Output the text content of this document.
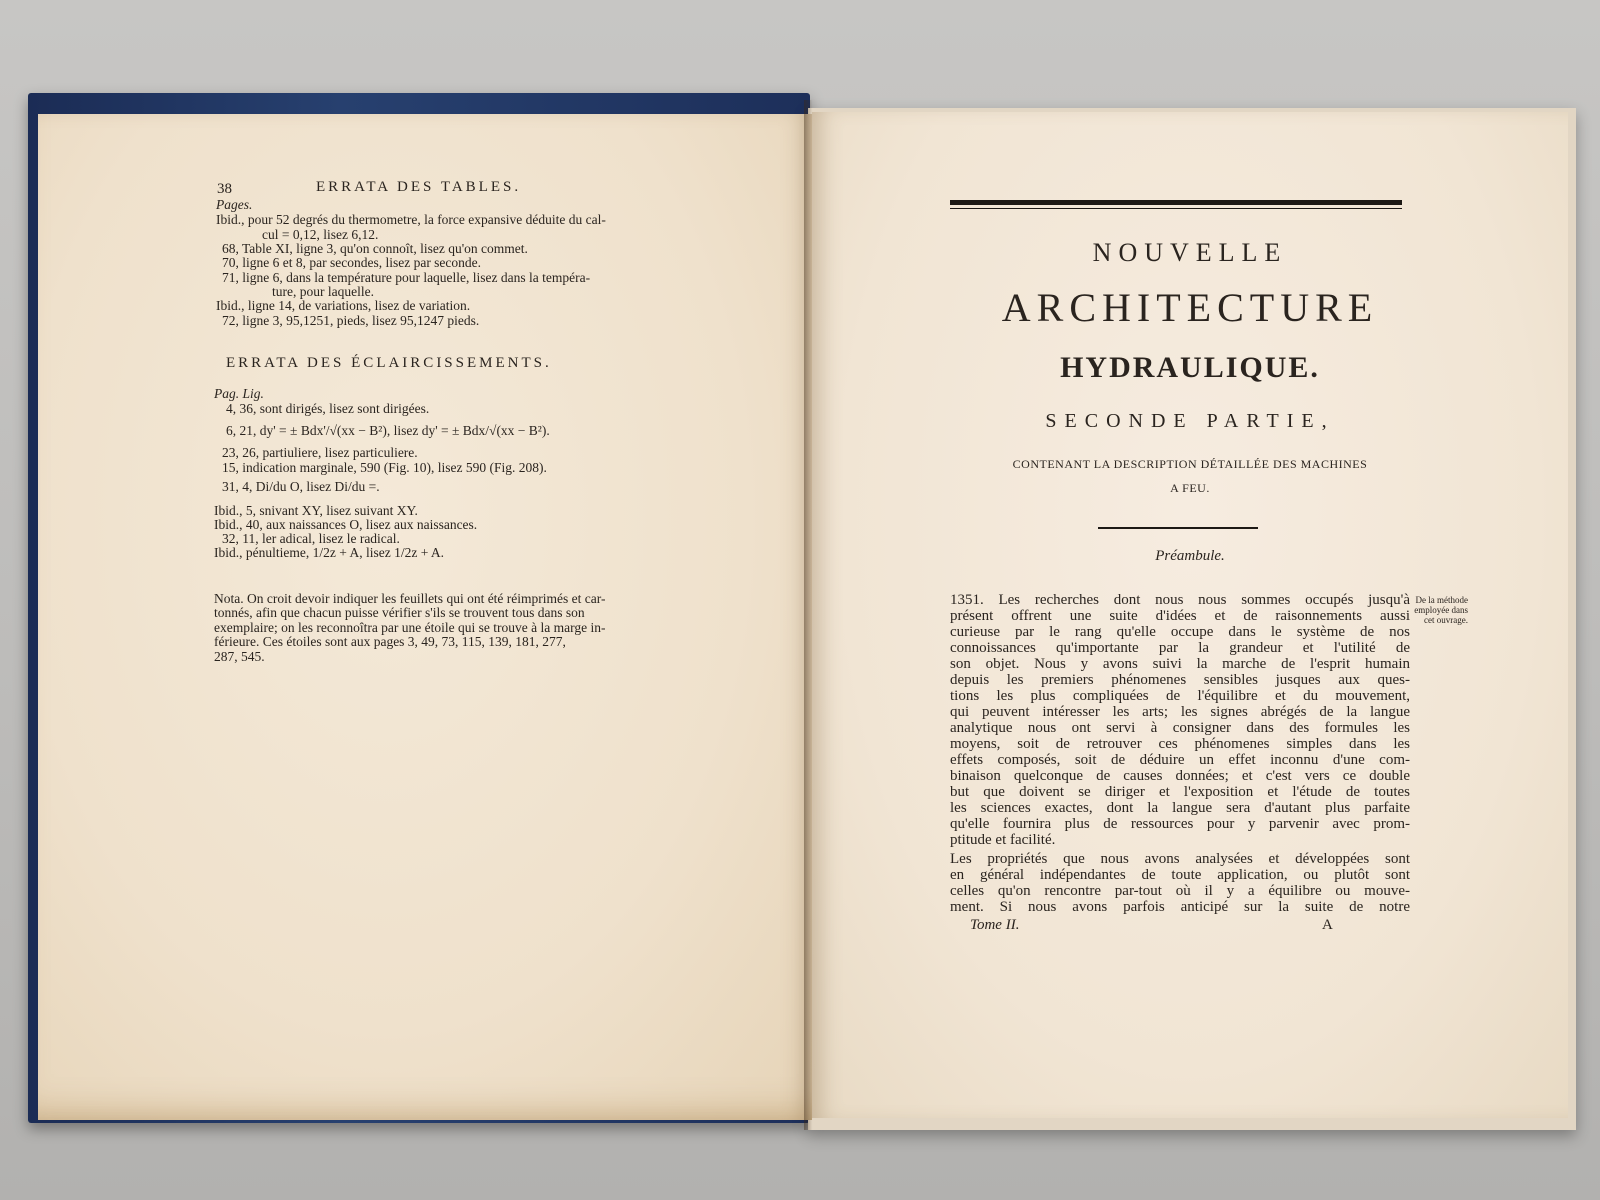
38	ERRATA DES TABLES.
Pages.
Ibid., pour 52 degrés du thermometre, la force expansive déduite du cal-
cul = 0,12, lisez 6,12.
68, Table XI, ligne 3, qu'on connoît, lisez qu'on commet.
70, ligne 6 et 8, par secondes, lisez par seconde.
71, ligne 6, dans la température pour laquelle, lisez dans la tempéra-
ture, pour laquelle.
Ibid., ligne 14, de variations, lisez de variation.
72, ligne 3, 95,1251, pieds, lisez 95,1247 pieds.
ERRATA DES ÉCLAIRCISSEMENTS.
Pag. Lig.
4, 36, sont dirigés, lisez sont dirigées.
6, 21, dy' = ± Bdx'/√(xx − B²), lisez dy' = ± Bdx/√(xx − B²).
23, 26, partiuliere, lisez particuliere.
15, indication marginale, 590 (Fig. 10), lisez 590 (Fig. 208).
31, 4, Di/du O, lisez Di/du =.
Ibid., 5, snivant XY, lisez suivant XY.
Ibid., 40, aux naissances O, lisez aux naissances.
32, 11, ler adical, lisez le radical.
Ibid., pénultieme, 1/2z + A, lisez 1/2z + A.
Nota. On croit devoir indiquer les feuillets qui ont été réimprimés et car-
tonnés, afin que chacun puisse vérifier s'ils se trouvent tous dans son
exemplaire; on les reconnoîtra par une étoile qui se trouve à la marge in-
férieure. Ces étoiles sont aux pages 3, 49, 73, 115, 139, 181, 277,
287, 545.
NOUVELLE
ARCHITECTURE
HYDRAULIQUE.
SECONDE PARTIE,
CONTENANT LA DESCRIPTION DÉTAILLÉE DES MACHINES
A FEU.
Préambule.
De la méthode employée dans cet ouvrage.
1351. Les recherches dont nous nous sommes occupés jusqu'à
présent offrent une suite d'idées et de raisonnements aussi
curieuse par le rang qu'elle occupe dans le système de nos
connoissances qu'importante par la grandeur et l'utilité de
son objet. Nous y avons suivi la marche de l'esprit humain
depuis les premiers phénomenes sensibles jusques aux ques-
tions les plus compliquées de l'équilibre et du mouvement,
qui peuvent intéresser les arts; les signes abrégés de la langue
analytique nous ont servi à consigner dans des formules les
moyens, soit de retrouver ces phénomenes simples dans les
effets composés, soit de déduire un effet inconnu d'une com-
binaison quelconque de causes données; et c'est vers ce double
but que doivent se diriger et l'exposition et l'étude de toutes
les sciences exactes, dont la langue sera d'autant plus parfaite
qu'elle fournira plus de ressources pour y parvenir avec prom-
ptitude et facilité.
Les propriétés que nous avons analysées et développées sont
en général indépendantes de toute application, ou plutôt sont
celles qu'on rencontre par-tout où il y a équilibre ou mouve-
ment. Si nous avons parfois anticipé sur la suite de notre
Tome II.	A
